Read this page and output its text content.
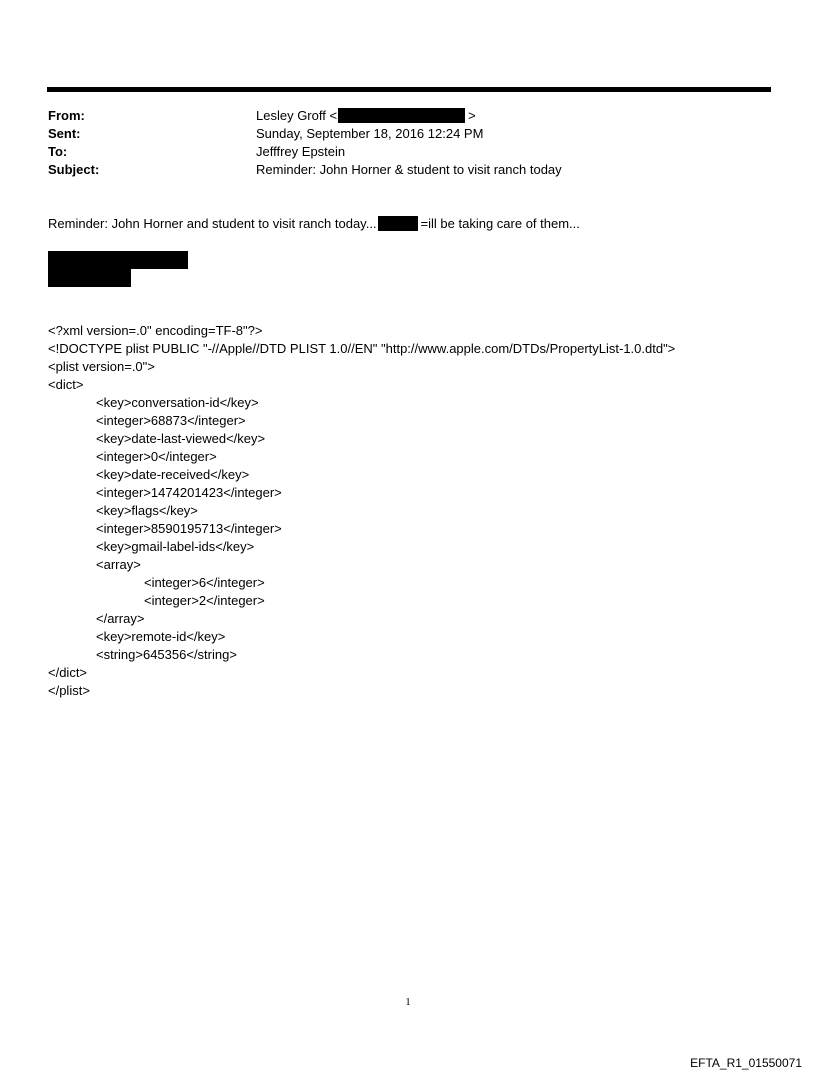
From:	Lesley Groff <	>
Sent:	Sunday, September 18, 2016 12:24 PM
To:	Jefffrey Epstein
Subject:	Reminder: John Horner & student to visit ranch today
Reminder: John Horner and student to visit ranch today...	=ill be taking care of them...
<?xml version=.0" encoding=TF-8"?>
<!DOCTYPE plist PUBLIC "-//Apple//DTD PLIST 1.0//EN" "http://www.apple.com/DTDs/PropertyList-1.0.dtd">
<plist version=.0">
<dict>
<key>conversation-id</key>
<integer>68873</integer>
<key>date-last-viewed</key>
<integer>0</integer>
<key>date-received</key>
<integer>1474201423</integer>
<key>flags</key>
<integer>8590195713</integer>
<key>gmail-label-ids</key>
<array>
<integer>6</integer>
<integer>2</integer>
</array>
<key>remote-id</key>
<string>645356</string>
</dict>
</plist>
1
EFTA_R1_01550071
